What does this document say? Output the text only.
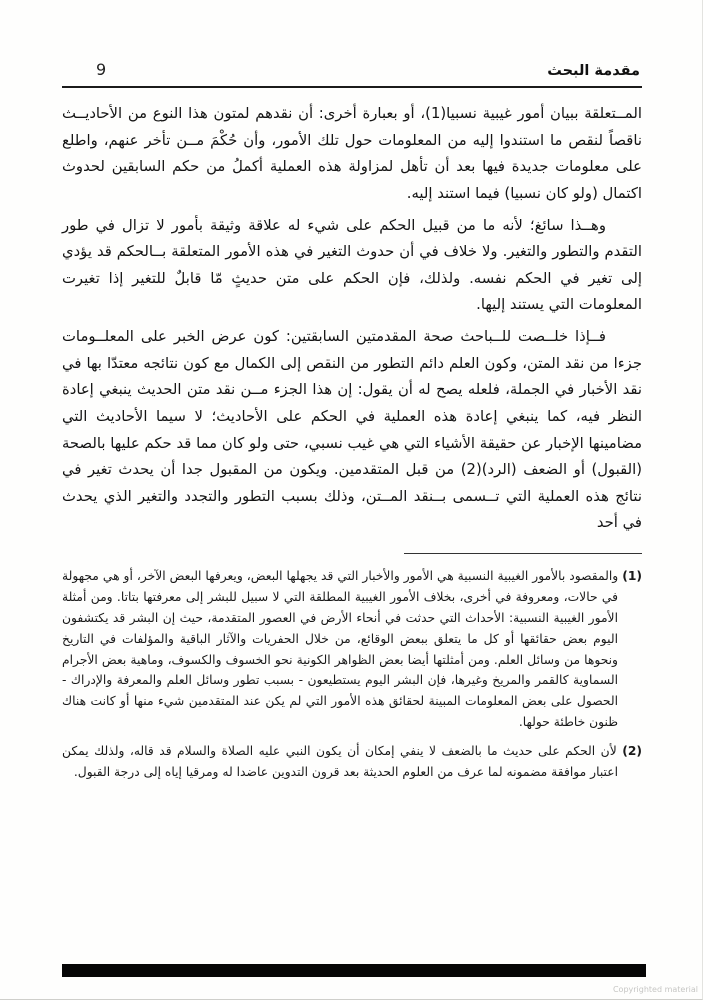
9	مقدمة البحث

المــتعلقة ببيان أمور غيبية نسبيا(1)، أو بعبارة أخرى: أن نقدهم لمتون هذا النوع من الأحاديــث ناقصاً لنقص ما استندوا إليه من المعلومات حول تلك الأمور، وأن حُكْمَ مــن تأخر عنهم، واطلع على معلومات جديدة فيها بعد أن تأهل لمزاولة هذه العملية أكملُ من حكم السابقين لحدوث اكتمال (ولو كان نسبيا) فيما استند إليه.

وهــذا سائغ؛ لأنه ما من قبيل الحكم على شيء له علاقة وثيقة بأمور لا تزال في طور التقدم والتطور والتغير. ولا خلاف في أن حدوث التغير في هذه الأمور المتعلقة بــالحكم قد يؤدي إلى تغير في الحكم نفسه. ولذلك، فإن الحكم على متن حديثٍ مّا قابلٌ للتغير إذا تغيرت المعلومات التي يستند إليها.

فــإذا خلــصت للــباحث صحة المقدمتين السابقتين: كون عرض الخبر على المعلــومات جزءا من نقد المتن، وكون العلم دائم التطور من النقص إلى الكمال مع كون نتائجه معتدّا بها في نقد الأخبار في الجملة، فلعله يصح له أن يقول: إن هذا الجزء مــن نقد متن الحديث ينبغي إعادة النظر فيه، كما ينبغي إعادة هذه العملية في الحكم على الأحاديث؛ لا سيما الأحاديث التي مضامينها الإخبار عن حقيقة الأشياء التي هي غيب نسبي، حتى ولو كان مما قد حكم عليها بالصحة (القبول) أو الضعف (الرد)(2) من قبل المتقدمين. ويكون من المقبول جدا أن يحدث تغير في نتائج هذه العملية التي تــسمى بــنقد المــتن، وذلك بسبب التطور والتجدد والتغير الذي يحدث في أحد

(1) والمقصود بالأمور الغيبية النسبية هي الأمور والأخبار التي قد يجهلها البعض، ويعرفها البعض الآخر، أو هي مجهولة في حالات، ومعروفة في أخرى، بخلاف الأمور الغيبية المطلقة التي لا سبيل للبشر إلى معرفتها بتاتا. ومن أمثلة الأمور الغيبية النسبية: الأحداث التي حدثت في أنحاء الأرض في العصور المتقدمة، حيث إن البشر قد يكتشفون اليوم بعض حقائقها أو كل ما يتعلق ببعض الوقائع، من خلال الحفريات والآثار الباقية والمؤلفات في التاريخ ونحوها من وسائل العلم. ومن أمثلتها أيضا بعض الظواهر الكونية نحو الخسوف والكسوف، وماهية بعض الأجرام السماوية كالقمر والمريخ وغيرها، فإن البشر اليوم يستطيعون - بسبب تطور وسائل العلم والمعرفة والإدراك - الحصول على بعض المعلومات المبينة لحقائق هذه الأمور التي لم يكن عند المتقدمين شيء منها أو كانت هناك ظنون خاطئة حولها.
(2) لأن الحكم على حديث ما بالضعف لا ينفي إمكان أن يكون النبي عليه الصلاة والسلام قد قاله، ولذلك يمكن اعتبار موافقة مضمونه لما عرف من العلوم الحديثة بعد قرون التدوين عاضدا له ومرقيا إياه إلى درجة القبول.
Copyrighted material
